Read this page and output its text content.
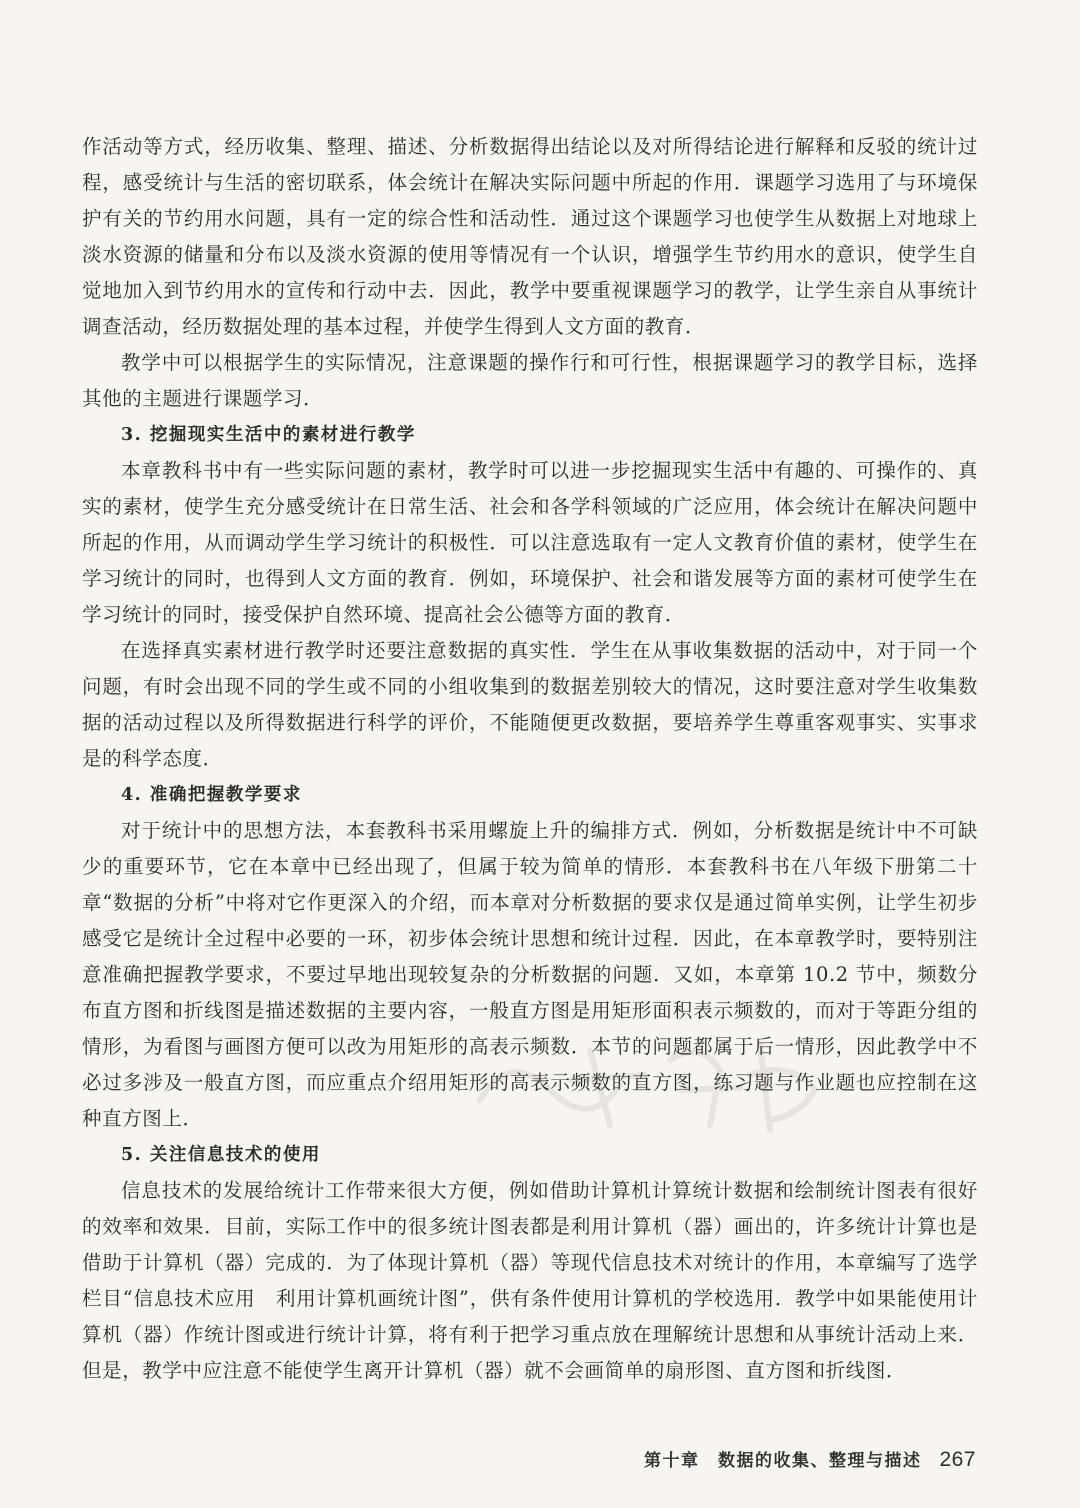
作活动等方式，经历收集、整理、描述、分析数据得出结论以及对所得结论进行解释和反驳的统计过程，感受统计与生活的密切联系，体会统计在解决实际问题中所起的作用．课题学习选用了与环境保护有关的节约用水问题，具有一定的综合性和活动性．通过这个课题学习也使学生从数据上对地球上淡水资源的储量和分布以及淡水资源的使用等情况有一个认识，增强学生节约用水的意识，使学生自觉地加入到节约用水的宣传和行动中去．因此，教学中要重视课题学习的教学，让学生亲自从事统计调查活动，经历数据处理的基本过程，并使学生得到人文方面的教育．

教学中可以根据学生的实际情况，注意课题的操作行和可行性，根据课题学习的教学目标，选择其他的主题进行课题学习．

3. 挖掘现实生活中的素材进行教学

本章教科书中有一些实际问题的素材，教学时可以进一步挖掘现实生活中有趣的、可操作的、真实的素材，使学生充分感受统计在日常生活、社会和各学科领域的广泛应用，体会统计在解决问题中所起的作用，从而调动学生学习统计的积极性．可以注意选取有一定人文教育价值的素材，使学生在学习统计的同时，也得到人文方面的教育．例如，环境保护、社会和谐发展等方面的素材可使学生在学习统计的同时，接受保护自然环境、提高社会公德等方面的教育．

在选择真实素材进行教学时还要注意数据的真实性．学生在从事收集数据的活动中，对于同一个问题，有时会出现不同的学生或不同的小组收集到的数据差别较大的情况，这时要注意对学生收集数据的活动过程以及所得数据进行科学的评价，不能随便更改数据，要培养学生尊重客观事实、实事求是的科学态度．

4. 准确把握教学要求

对于统计中的思想方法，本套教科书采用螺旋上升的编排方式．例如，分析数据是统计中不可缺少的重要环节，它在本章中已经出现了，但属于较为简单的情形．本套教科书在八年级下册第二十章“数据的分析”中将对它作更深入的介绍，而本章对分析数据的要求仅是通过简单实例，让学生初步感受它是统计全过程中必要的一环，初步体会统计思想和统计过程．因此，在本章教学时，要特别注意准确把握教学要求，不要过早地出现较复杂的分析数据的问题．又如，本章第 10.2 节中，频数分布直方图和折线图是描述数据的主要内容，一般直方图是用矩形面积表示频数的，而对于等距分组的情形，为看图与画图方便可以改为用矩形的高表示频数．本节的问题都属于后一情形，因此教学中不必过多涉及一般直方图，而应重点介绍用矩形的高表示频数的直方图，练习题与作业题也应控制在这种直方图上．

5. 关注信息技术的使用

信息技术的发展给统计工作带来很大方便，例如借助计算机计算统计数据和绘制统计图表有很好的效率和效果．目前，实际工作中的很多统计图表都是利用计算机（器）画出的，许多统计计算也是借助于计算机（器）完成的．为了体现计算机（器）等现代信息技术对统计的作用，本章编写了选学栏目“信息技术应用　利用计算机画统计图”，供有条件使用计算机的学校选用．教学中如果能使用计算机（器）作统计图或进行统计计算，将有利于把学习重点放在理解统计思想和从事统计活动上来．但是，教学中应注意不能使学生离开计算机（器）就不会画简单的扇形图、直方图和折线图．

第十章　数据的收集、整理与描述 267
